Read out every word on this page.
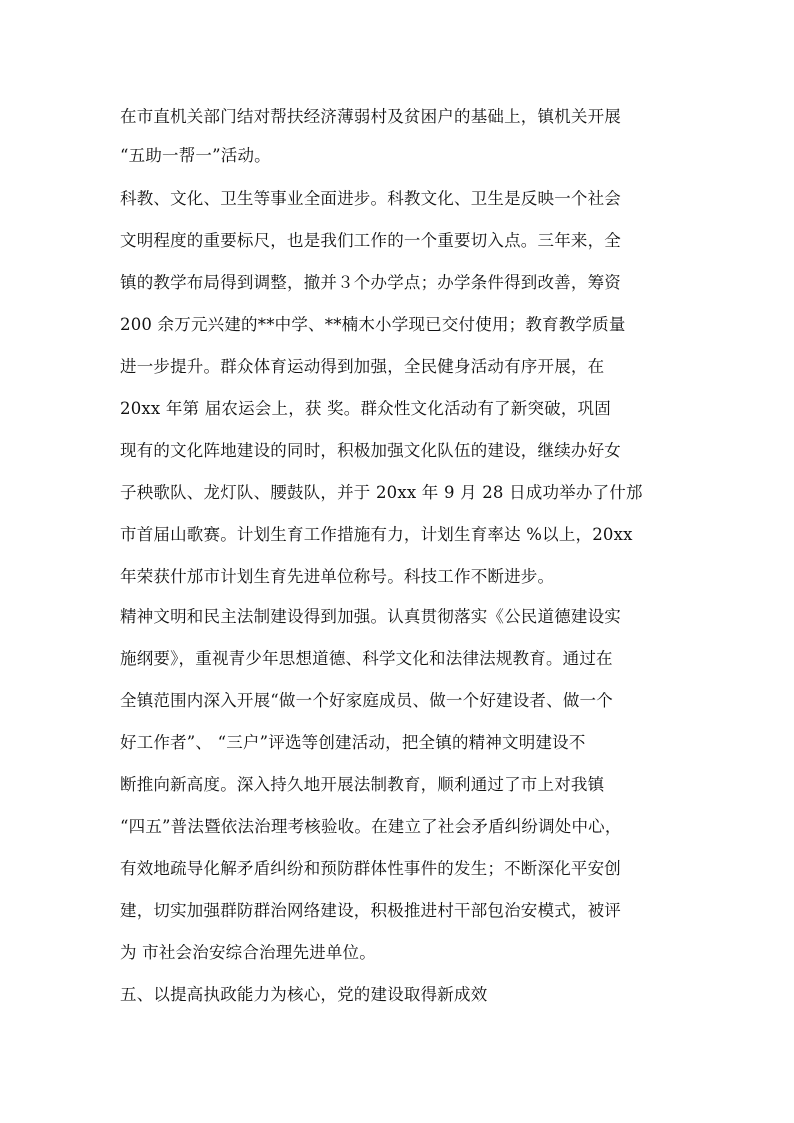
在市直机关部门结对帮扶经济薄弱村及贫困户的基础上，镇机关开展
“五助一帮一”活动。
科教、文化、卫生等事业全面进步。科教文化、卫生是反映一个社会
文明程度的重要标尺，也是我们工作的一个重要切入点。三年来，全
镇的教学布局得到调整，撤并３个办学点；办学条件得到改善，筹资
200 余万元兴建的**中学、**楠木小学现已交付使用；教育教学质量
进一步提升。群众体育运动得到加强，全民健身活动有序开展，在
20xx 年第 届农运会上，获 奖。群众性文化活动有了新突破，巩固
现有的文化阵地建设的同时，积极加强文化队伍的建设，继续办好女
子秧歌队、龙灯队、腰鼓队，并于 20xx 年 9 月 28 日成功举办了什邡
市首届山歌赛。计划生育工作措施有力，计划生育率达 %以上，20xx
年荣获什邡市计划生育先进单位称号。科技工作不断进步。
精神文明和民主法制建设得到加强。认真贯彻落实《公民道德建设实
施纲要》，重视青少年思想道德、科学文化和法律法规教育。通过在
全镇范围内深入开展“做一个好家庭成员、做一个好建设者、做一个
好工作者”、 “三户”评选等创建活动，把全镇的精神文明建设不
断推向新高度。深入持久地开展法制教育，顺利通过了市上对我镇
“四五”普法暨依法治理考核验收。在建立了社会矛盾纠纷调处中心，
有效地疏导化解矛盾纠纷和预防群体性事件的发生；不断深化平安创
建，切实加强群防群治网络建设，积极推进村干部包治安模式，被评
为 市社会治安综合治理先进单位。
五、以提高执政能力为核心，党的建设取得新成效
